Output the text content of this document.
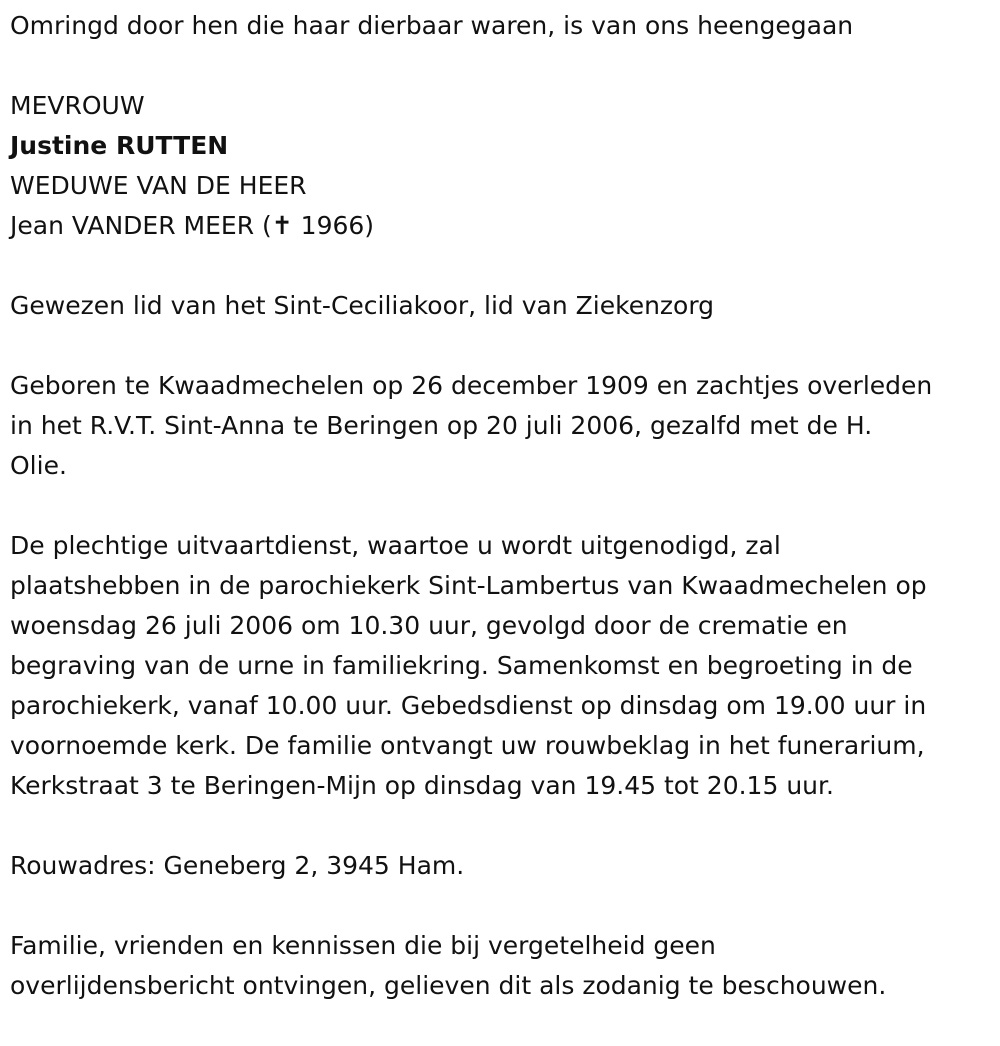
Omringd door hen die haar dierbaar waren, is van ons heengegaan

MEVROUW

Justine RUTTEN

WEDUWE VAN DE HEER

Jean VANDER MEER (✝ 1966)

Gewezen lid van het Sint-Ceciliakoor, lid van Ziekenzorg

Geboren te Kwaadmechelen op 26 december 1909 en zachtjes overleden

in het R.V.T. Sint-Anna te Beringen op 20 juli 2006, gezalfd met de H.

Olie.

De plechtige uitvaartdienst, waartoe u wordt uitgenodigd, zal

plaatshebben in de parochiekerk Sint-Lambertus van Kwaadmechelen op

woensdag 26 juli 2006 om 10.30 uur, gevolgd door de crematie en

begraving van de urne in familiekring. Samenkomst en begroeting in de

parochiekerk, vanaf 10.00 uur. Gebedsdienst op dinsdag om 19.00 uur in

voornoemde kerk. De familie ontvangt uw rouwbeklag in het funerarium,

Kerkstraat 3 te Beringen-Mijn op dinsdag van 19.45 tot 20.15 uur.

Rouwadres: Geneberg 2, 3945 Ham.

Familie, vrienden en kennissen die bij vergetelheid geen

overlijdensbericht ontvingen, gelieven dit als zodanig te beschouwen.
